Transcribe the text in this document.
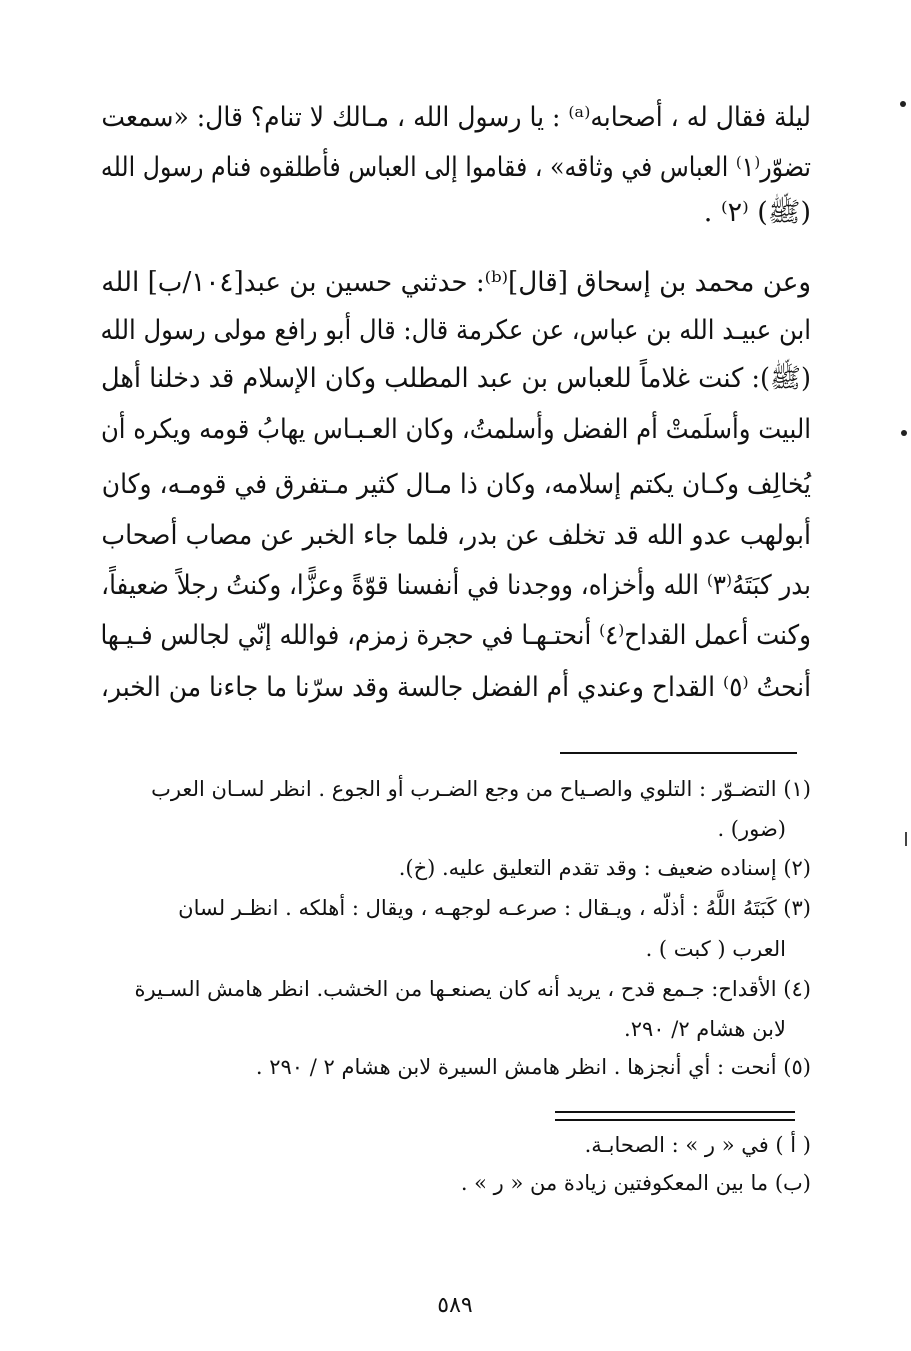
ليلة فقال له ، أصحابه⁽ᵃ⁾ : يا رسول الله ، مـالك لا تنام؟ قال: «سمعت
تضوّر⁽١⁾ العباس في وثاقه» ، فقاموا إلى العباس فأطلقوه فنام رسول الله
(ﷺ) ⁽٢⁾ .
وعن محمد بن إسحاق [قال]⁽ᵇ⁾: حدثني حسين بن عبد[١٠٤/ب] الله
ابن عبيـد الله بن عباس، عن عكرمة قال: قال أبو رافع مولى رسول الله
(ﷺ): كنت غلاماً للعباس بن عبد المطلب وكان الإسلام قد دخلنا أهل
البيت وأسلَمتْ أم الفضل وأسلمتُ، وكان العـبـاس يهابُ قومه ويكره أن
يُخالِف وكـان يكتم إسلامه، وكان ذا مـال كثير مـتفرق في قومـه، وكان
أبولهب عدو الله قد تخلف عن بدر، فلما جاء الخبر عن مصاب أصحاب
بدر كبَتَهُ⁽٣⁾ الله وأخزاه، ووجدنا في أنفسنا قوّةً وعزًّا، وكنتُ رجلاً ضعيفاً،
وكنت أعمل القداح⁽٤⁾ أنحتـهـا في حجرة زمزم، فوالله إنّي لجالس فـيـها
أنحتُ ⁽٥⁾ القداح وعندي أم الفضل جالسة وقد سرّنا ما جاءنا من الخبر،
(١) التضـوّر : التلوي والصـياح من وجع الضـرب أو الجوع . انظر لسـان العرب
(ضور) .
(٢) إسناده ضعيف : وقد تقدم التعليق عليه. (خ).
(٣) كَبَتَهُ اللَّهُ : أذلّه ، ويـقال : صرعـه لوجهـه ، ويقال : أهلكه . انظـر لسان
العرب ( كبت ) .
(٤) الأقداح: جـمع قدح ، يريد أنه كان يصنعـها من الخشب. انظر هامش السـيرة
لابن هشام ٢/ ٢٩٠.
(٥) أنحت : أي أنجزها . انظر هامش السيرة لابن هشام ٢ / ٢٩٠ .
( أ ) في « ر » : الصحابـة.
(ب) ما بين المعكوفتين زيادة من « ر » .
٥٨٩
